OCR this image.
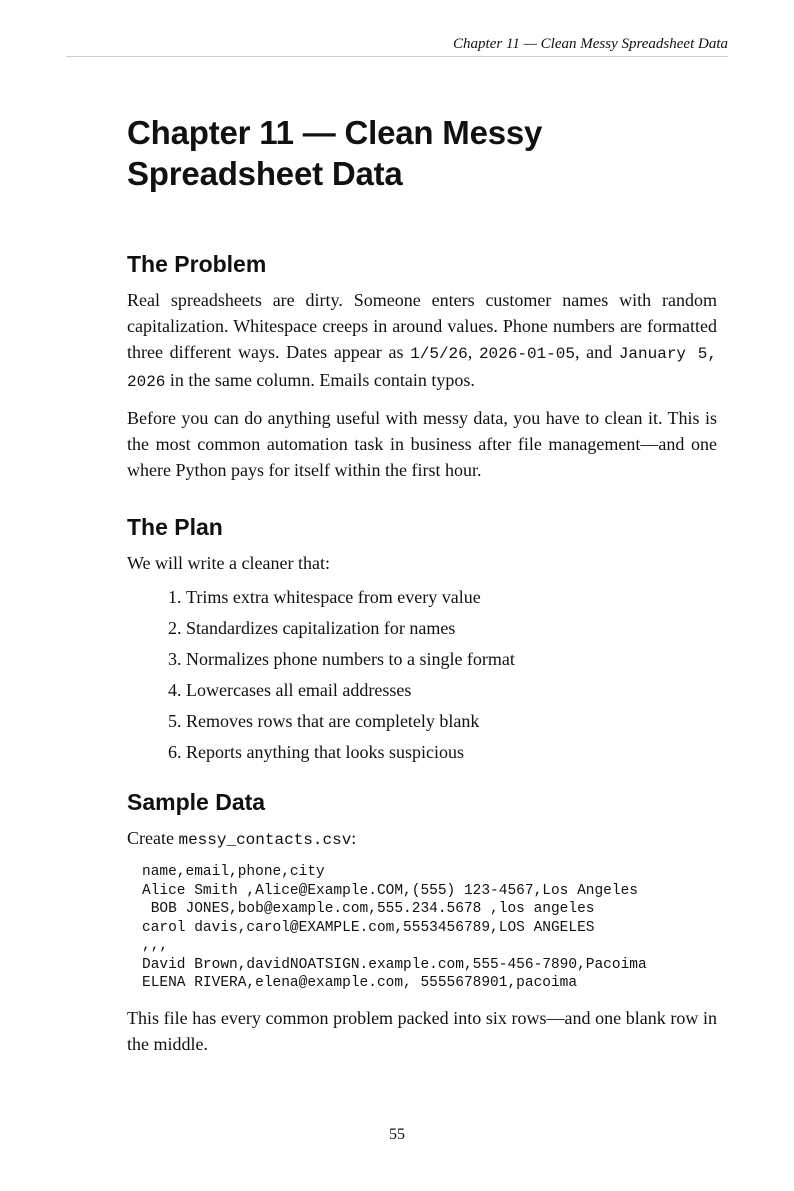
Chapter 11 — Clean Messy Spreadsheet Data
Chapter 11 — Clean Messy Spreadsheet Data
The Problem

Real spreadsheets are dirty. Someone enters customer names with random capitalization. Whitespace creeps in around values. Phone numbers are formatted three different ways. Dates appear as 1/5/26, 2026-01-05, and January 5, 2026 in the same column. Emails contain typos.

Before you can do anything useful with messy data, you have to clean it. This is the most common automation task in business after file management—and one where Python pays for itself within the first hour.

The Plan

We will write a cleaner that:

1. Trims extra whitespace from every value
2. Standardizes capitalization for names
3. Normalizes phone numbers to a single format
4. Lowercases all email addresses
5. Removes rows that are completely blank
6. Reports anything that looks suspicious
Sample Data

Create messy_contacts.csv:

name,email,phone,city
Alice Smith ,Alice@Example.COM,(555) 123-4567,Los Angeles
BOB JONES,bob@example.com,555.234.5678 ,los angeles
carol davis,carol@EXAMPLE.com,5553456789,LOS ANGELES
,,,
David Brown,davidNOATSIGN.example.com,555-456-7890,Pacoima
ELENA RIVERA,elena@example.com, 5555678901,pacoima

This file has every common problem packed into six rows—and one blank row in the middle.

55
